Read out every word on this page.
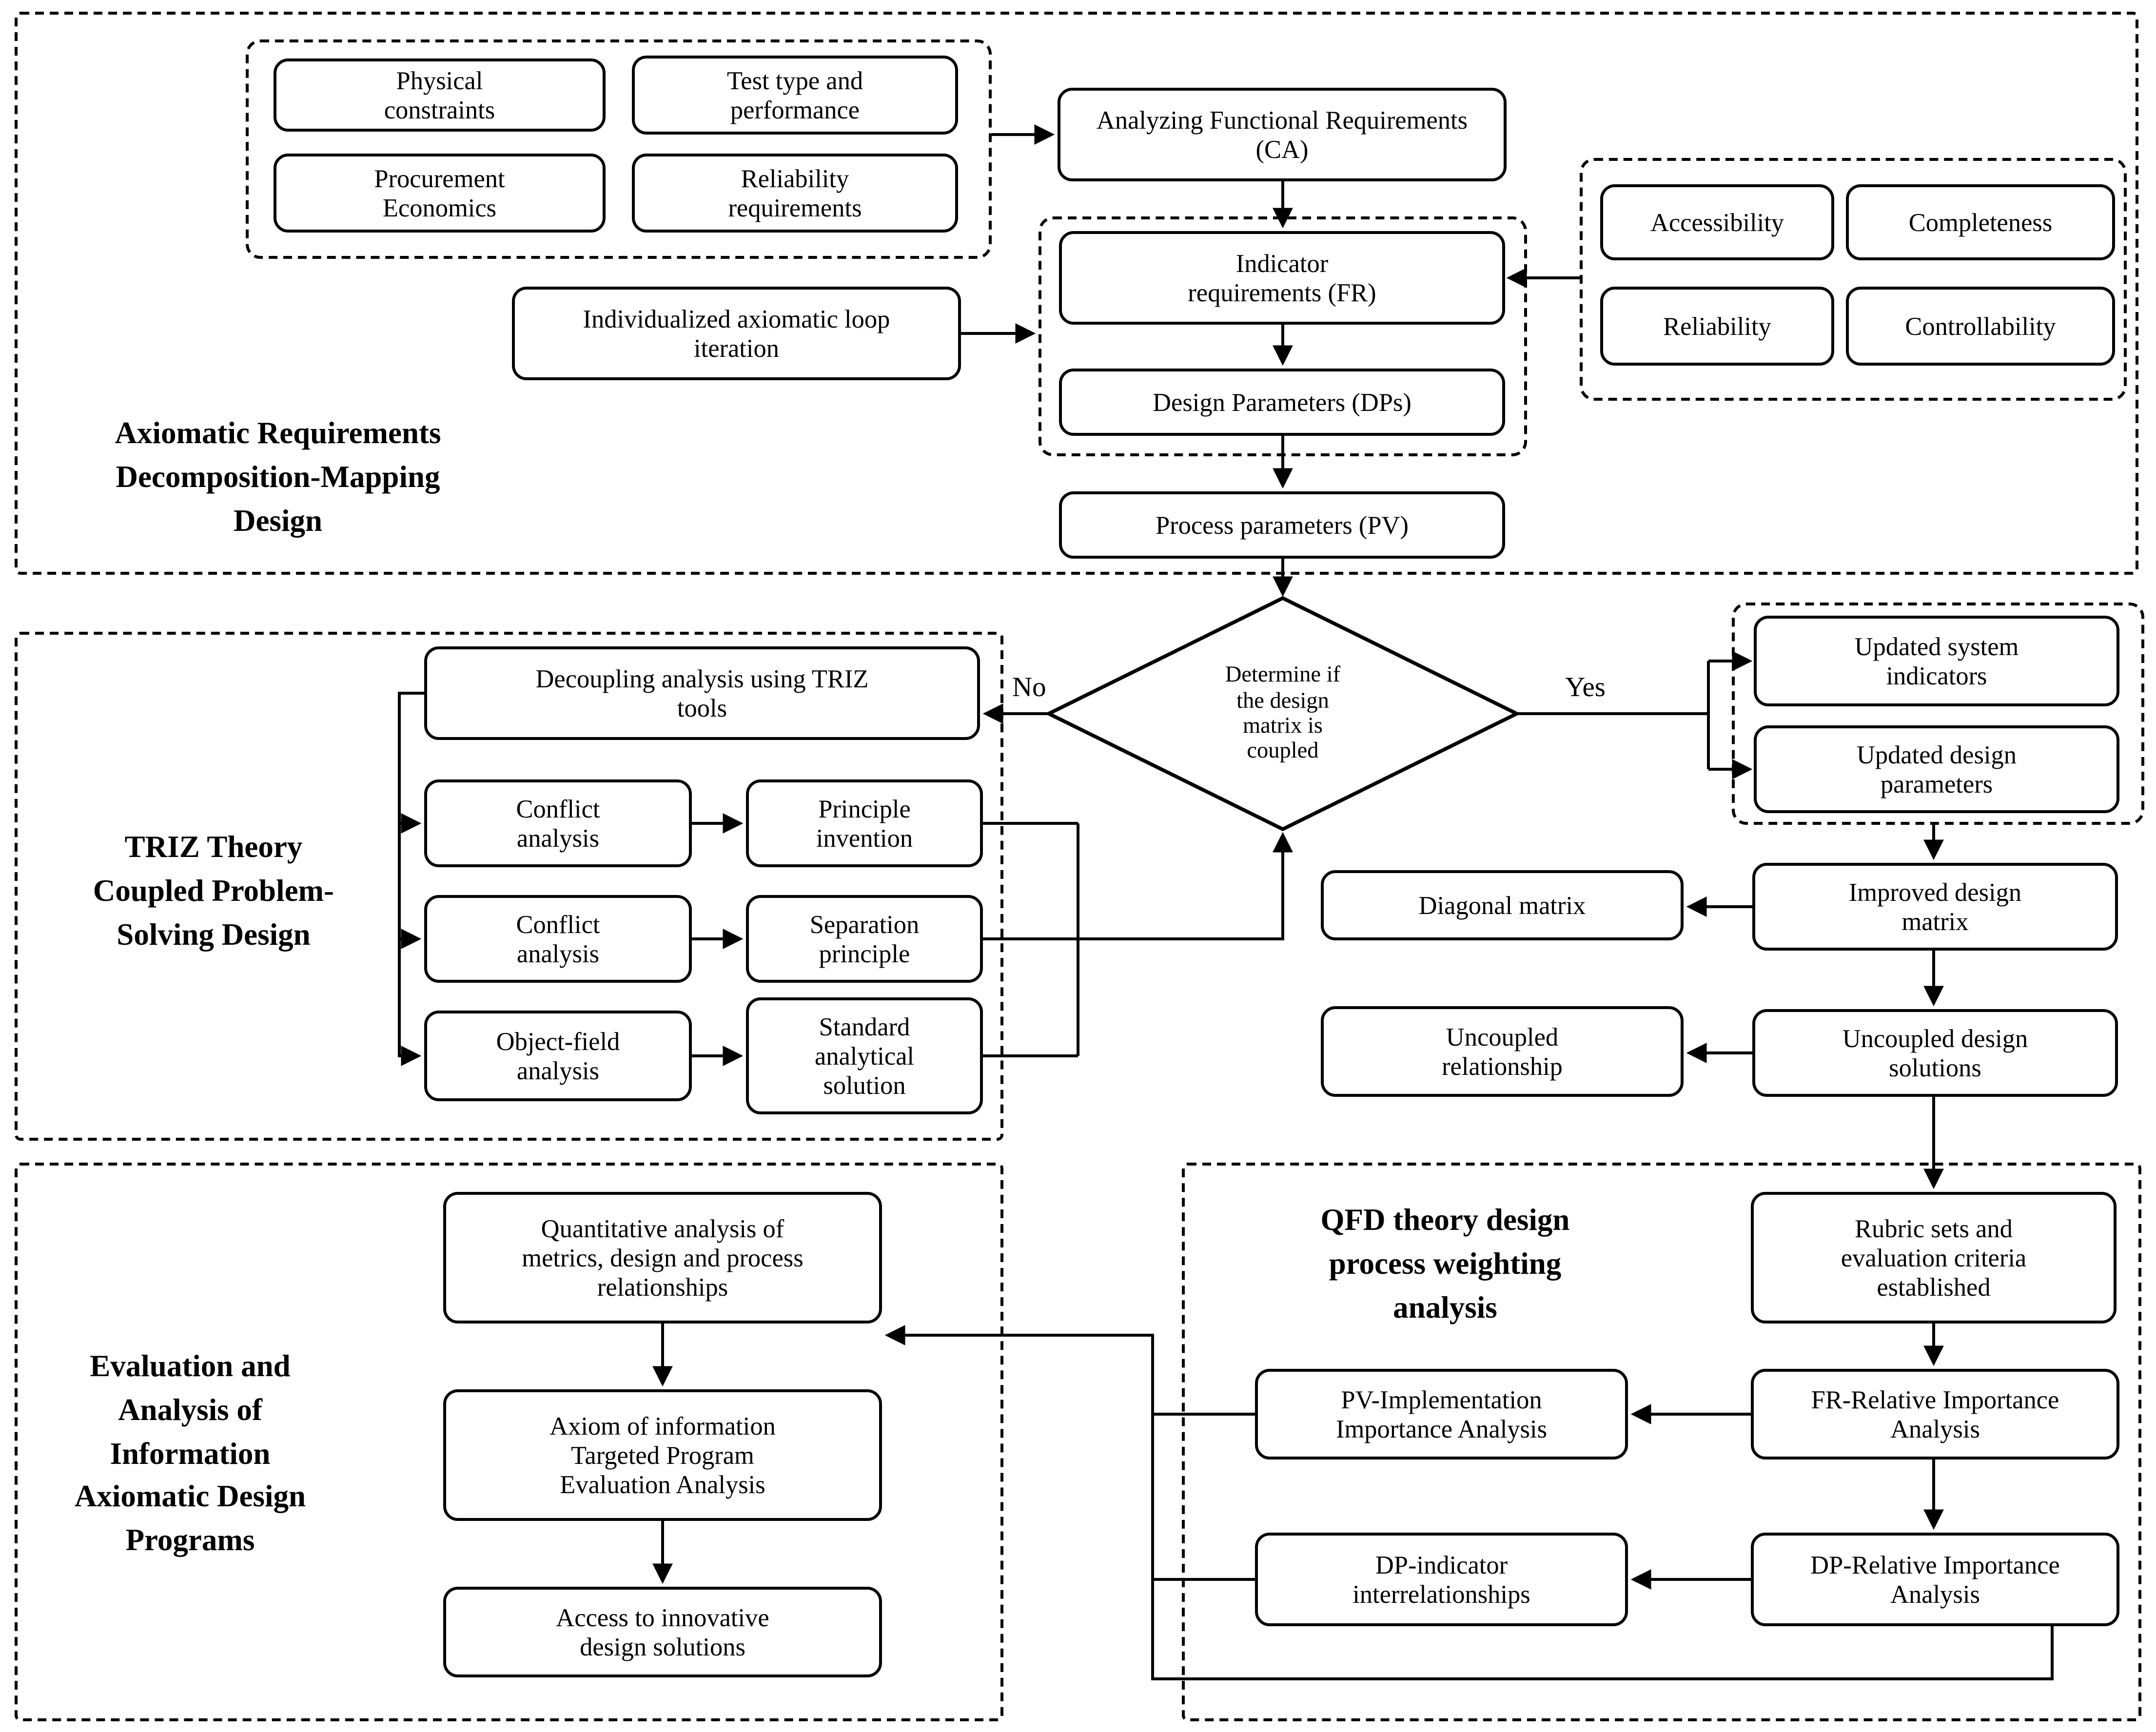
Physical constraints
Test type and performance
Procurement Economics
Reliability requirements
Analyzing Functional Requirements (CA)
Accessibility	Completeness
Reliability	Controllability
Indicator requirements (FR)
Design Parameters (DPs)
Individualized axiomatic loop iteration
Process parameters (PV)
Determine if the design matrix is coupled
Decoupling analysis using TRIZ tools
Conflict analysis
Principle invention
Conflict analysis
Separation principle
Object-field analysis
Standard analytical solution
Updated system indicators
Updated design parameters
Improved design matrix
Diagonal matrix
Uncoupled design solutions
Uncoupled relationship
Rubric sets and evaluation criteria established
FR-Relative Importance Analysis
PV-Implementation Importance Analysis
DP-Relative Importance Analysis
DP-indicator interrelationships
Quantitative analysis of metrics, design and process relationships
Axiom of information Targeted Program Evaluation Analysis
Access to innovative design solutions
Axiomatic Requirements Decomposition-Mapping Design
TRIZ Theory Coupled Problem-Solving Design
Evaluation and Analysis of Information Axiomatic Design Programs
QFD theory design process weighting analysis
No	Yes
